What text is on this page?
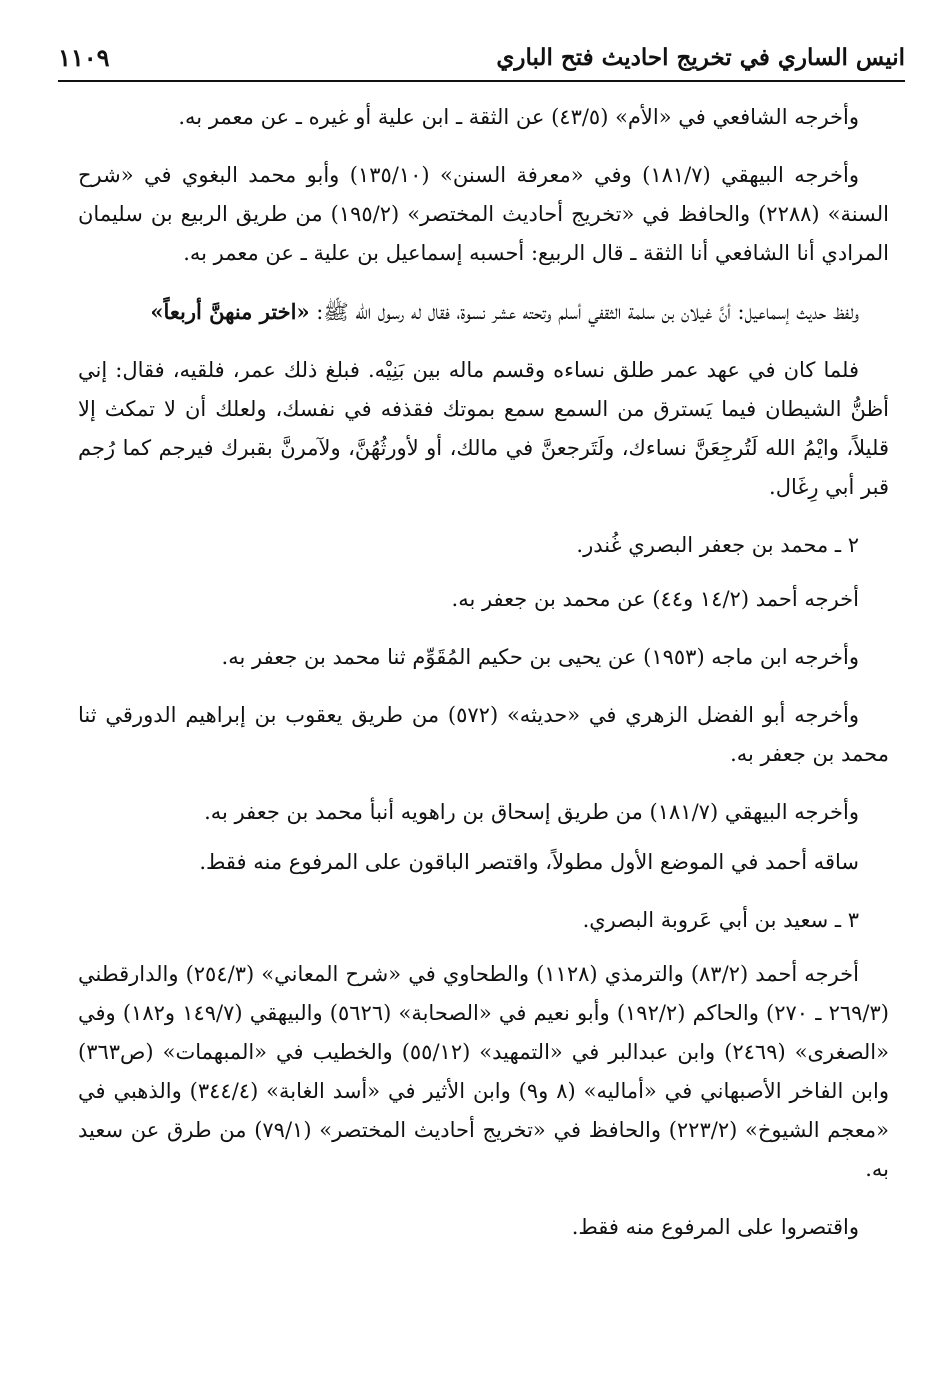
انيس الساري في تخريج احاديث فتح الباري
١١٠٩

وأخرجه الشافعي في «الأم» (٤٣/٥) عن الثقة ـ ابن علية أو غيره ـ عن معمر به.

وأخرجه البيهقي (١٨١/٧) وفي «معرفة السنن» (١٣٥/١٠) وأبو محمد البغوي في «شرح السنة» (٢٢٨٨) والحافظ في «تخريج أحاديث المختصر» (١٩٥/٢) من طريق الربيع بن سليمان المرادي أنا الشافعي أنا الثقة ـ قال الربيع: أحسبه إسماعيل بن علية ـ عن معمر به.

ولفظ حديث إسماعيل: أنَّ غيلان بن سلمة الثقفي أسلم وتحته عشر نسوة، فقال له رسول الله ﷺ: «اختر منهنَّ أربعاً»

فلما كان في عهد عمر طلق نساءه وقسم ماله بين بَنِيْه. فبلغ ذلك عمر، فلقيه، فقال: إني أظنُّ الشيطان فيما يَسترق من السمع سمع بموتك فقذفه في نفسك، ولعلك أن لا تمكث إلا قليلاً، وايْمُ الله لَتُرجِعَنَّ نساءك، ولَتَرجعنَّ في مالك، أو لأورثُهُنَّ، ولآمرنَّ بقبرك فيرجم كما رُجم قبر أبي رِغَال.

٢ ـ محمد بن جعفر البصري غُندر.

أخرجه أحمد (١٤/٢ و٤٤) عن محمد بن جعفر به.

وأخرجه ابن ماجه (١٩٥٣) عن يحيى بن حكيم المُقَوِّم ثنا محمد بن جعفر به.

وأخرجه أبو الفضل الزهري في «حديثه» (٥٧٢) من طريق يعقوب بن إبراهيم الدورقي ثنا محمد بن جعفر به.

وأخرجه البيهقي (١٨١/٧) من طريق إسحاق بن راهويه أنبأ محمد بن جعفر به.

ساقه أحمد في الموضع الأول مطولاً، واقتصر الباقون على المرفوع منه فقط.

٣ ـ سعيد بن أبي عَروبة البصري.

أخرجه أحمد (٨٣/٢) والترمذي (١١٢٨) والطحاوي في «شرح المعاني» (٢٥٤/٣) والدارقطني (٢٦٩/٣ ـ ٢٧٠) والحاكم (١٩٢/٢) وأبو نعيم في «الصحابة» (٥٦٢٦) والبيهقي (١٤٩/٧ و١٨٢) وفي «الصغرى» (٢٤٦٩) وابن عبدالبر في «التمهيد» (٥٥/١٢) والخطيب في «المبهمات» (ص٣٦٣) وابن الفاخر الأصبهاني في «أماليه» (٨ و٩) وابن الأثير في «أسد الغابة» (٣٤٤/٤) والذهبي في «معجم الشيوخ» (٢٢٣/٢) والحافظ في «تخريج أحاديث المختصر» (٧٩/١) من طرق عن سعيد به.

واقتصروا على المرفوع منه فقط.
